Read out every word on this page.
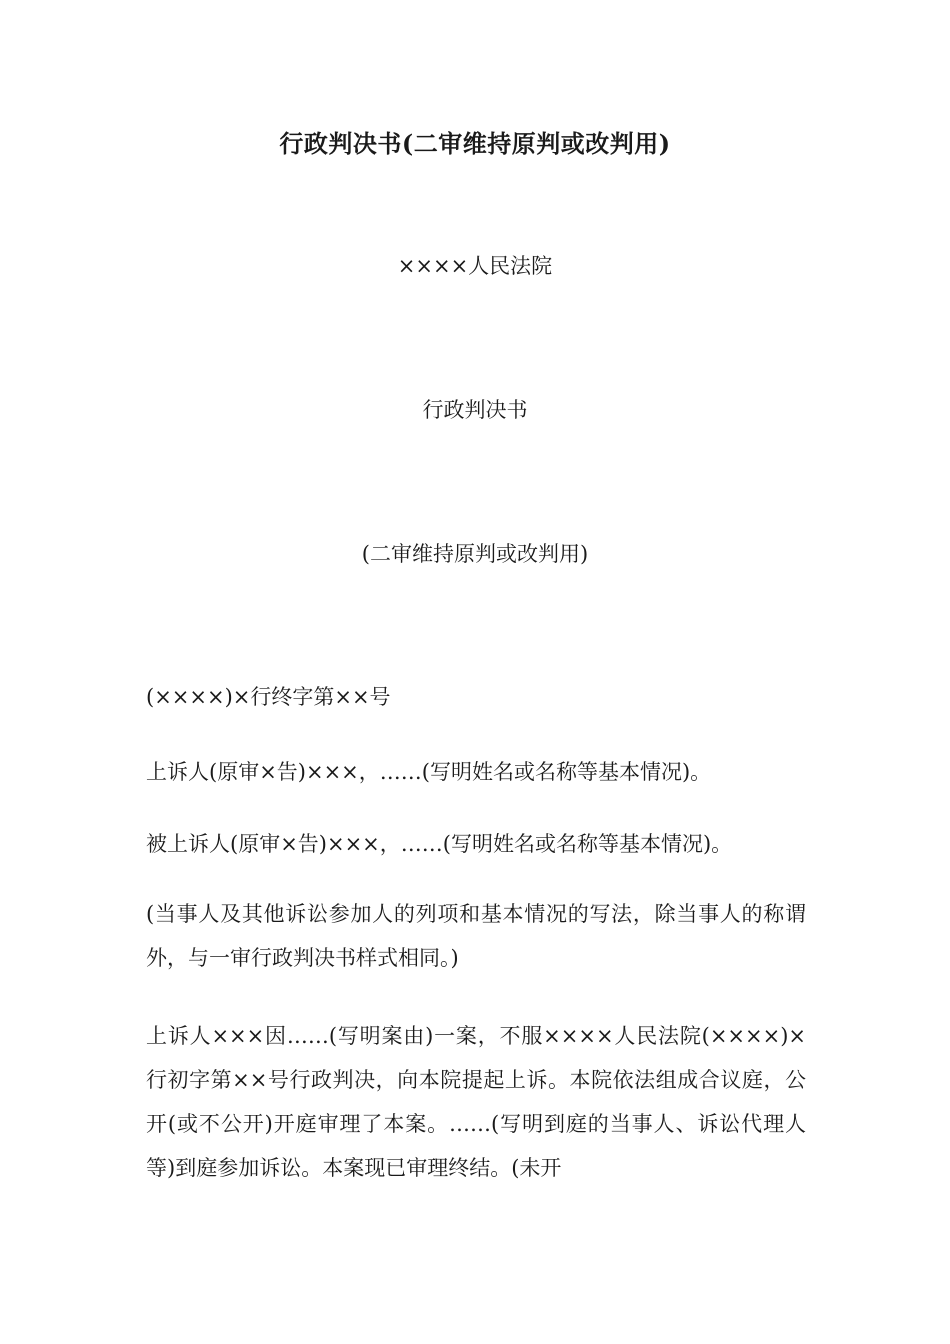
行政判决书(二审维持原判或改判用)
××××人民法院
行政判决书
(二审维持原判或改判用)

(××××)×行终字第××号

上诉人(原审×告)×××，……(写明姓名或名称等基本情况)。

被上诉人(原审×告)×××，……(写明姓名或名称等基本情况)。

(当事人及其他诉讼参加人的列项和基本情况的写法，除当事人的称谓外，与一审行政判决书样式相同。)

上诉人×××因……(写明案由)一案，不服××××人民法院(××××)×行初字第××号行政判决，向本院提起上诉。本院依法组成合议庭，公开(或不公开)开庭审理了本案。……(写明到庭的当事人、诉讼代理人等)到庭参加诉讼。本案现已审理终结。(未开
